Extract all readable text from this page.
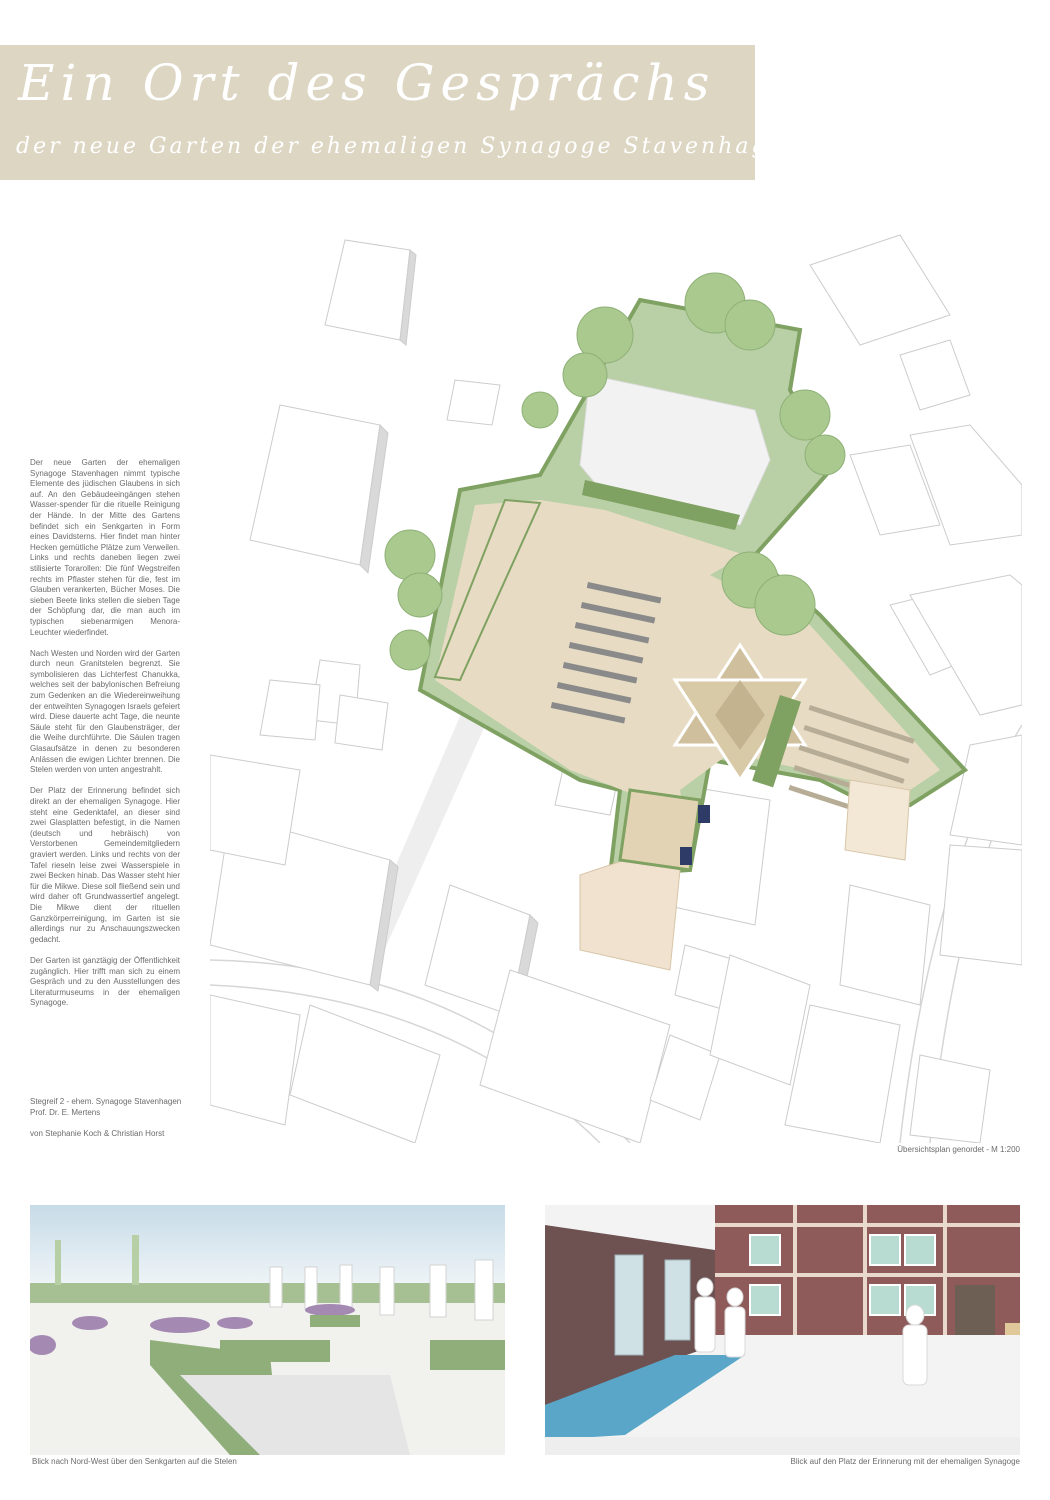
Ein Ort des Gesprächs
der neue Garten der ehemaligen Synagoge Stavenhagen

Der neue Garten der ehemaligen Synagoge Stavenhagen nimmt typische Elemente des jüdischen Glaubens in sich auf. An den Gebäudeeingängen stehen Wasser-spender für die rituelle Reinigung der Hände. In der Mitte des Gartens befindet sich ein Senkgarten in Form eines Davidsterns. Hier findet man hinter Hecken gemütliche Plätze zum Verweilen. Links und rechts daneben liegen zwei stilisierte Torarollen: Die fünf Wegstreifen rechts im Pflaster stehen für die, fest im Glauben verankerten, Bücher Moses. Die sieben Beete links stellen die sieben Tage der Schöpfung dar, die man auch im typischen siebenarmigen Menora-Leuchter wiederfindet.

Nach Westen und Norden wird der Garten durch neun Granitstelen begrenzt. Sie symbolisieren das Lichterfest Chanukka, welches seit der babylonischen Befreiung zum Gedenken an die Wiedereinweihung der entweihten Synagogen Israels gefeiert wird. Diese dauerte acht Tage, die neunte Säule steht für den Glaubensträger, der die Weihe durchführte. Die Säulen tragen Glasaufsätze in denen zu besonderen Anlässen die ewigen Lichter brennen. Die Stelen werden von unten angestrahlt.

Der Platz der Erinnerung befindet sich direkt an der ehemaligen Synagoge. Hier steht eine Gedenktafel, an dieser sind zwei Glasplatten befestigt, in die Namen (deutsch und hebräisch) von Verstorbenen Gemeindemitgliedern graviert werden. Links und rechts von der Tafel rieseln leise zwei Wasserspiele in zwei Becken hinab. Das Wasser steht hier für die Mikwe. Diese soll fließend sein und wird daher oft Grundwassertief angelegt. Die Mikwe dient der rituellen Ganzkörperreinigung, im Garten ist sie allerdings nur zu Anschauungszwecken gedacht.

Der Garten ist ganztägig der Öffentlichkeit zugänglich. Hier trifft man sich zu einem Gespräch und zu den Ausstellungen des Literaturmuseums in der ehemaligen Synagoge.

Stegreif 2 - ehem. Synagoge Stavenhagen
Prof. Dr. E. Mertens
von Stephanie Koch & Christian Horst
Übersichtsplan genordet - M 1:200
Blick nach Nord-West über den Senkgarten auf die Stelen	Blick auf den Platz der Erinnerung mit der ehemaligen Synagoge
